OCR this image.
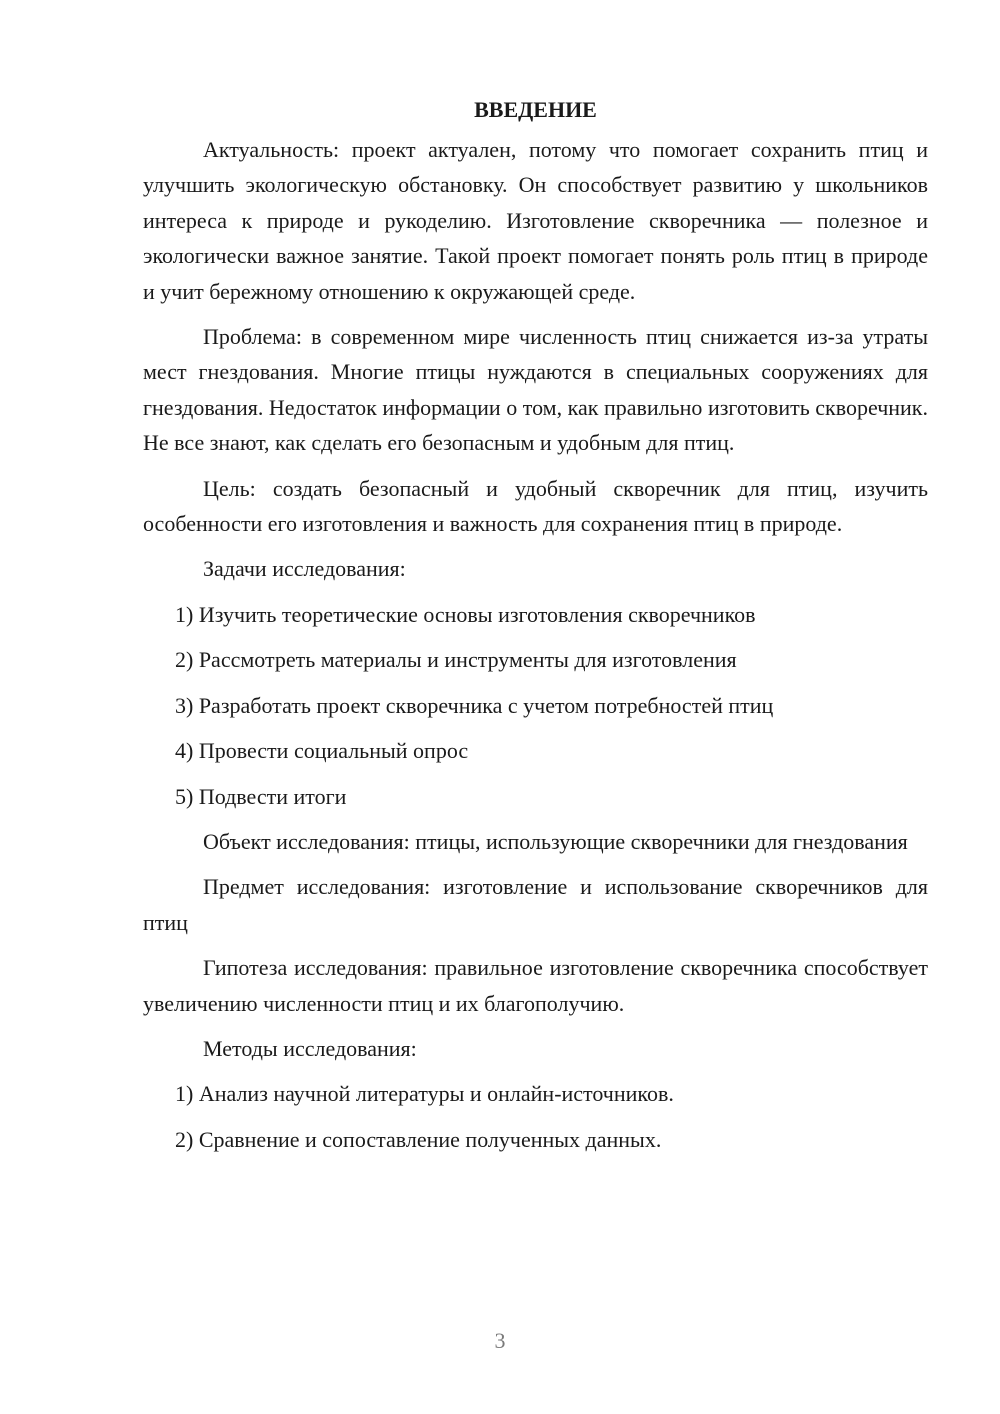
ВВЕДЕНИЕ

Актуальность: проект актуален, потому что помогает сохранить птиц и улучшить экологическую обстановку. Он способствует развитию у школьников интереса к природе и рукоделию. Изготовление скворечника — полезное и экологически важное занятие. Такой проект помогает понять роль птиц в природе и учит бережному отношению к окружающей среде.

Проблема: в современном мире численность птиц снижается из-за утраты мест гнездования. Многие птицы нуждаются в специальных сооружениях для гнездования. Недостаток информации о том, как правильно изготовить скворечник. Не все знают, как сделать его безопасным и удобным для птиц.

Цель: создать безопасный и удобный скворечник для птиц, изучить особенности его изготовления и важность для сохранения птиц в природе.

Задачи исследования:

1) Изучить теоретические основы изготовления скворечников

2) Рассмотреть материалы и инструменты для изготовления

3) Разработать проект скворечника с учетом потребностей птиц

4) Провести социальный опрос

5) Подвести итоги

Объект исследования: птицы, использующие скворечники для гнездования

Предмет исследования: изготовление и использование скворечников для птиц

Гипотеза исследования: правильное изготовление скворечника способствует увеличению численности птиц и их благополучию.

Методы исследования:

1) Анализ научной литературы и онлайн-источников.

2) Сравнение и сопоставление полученных данных.

3
